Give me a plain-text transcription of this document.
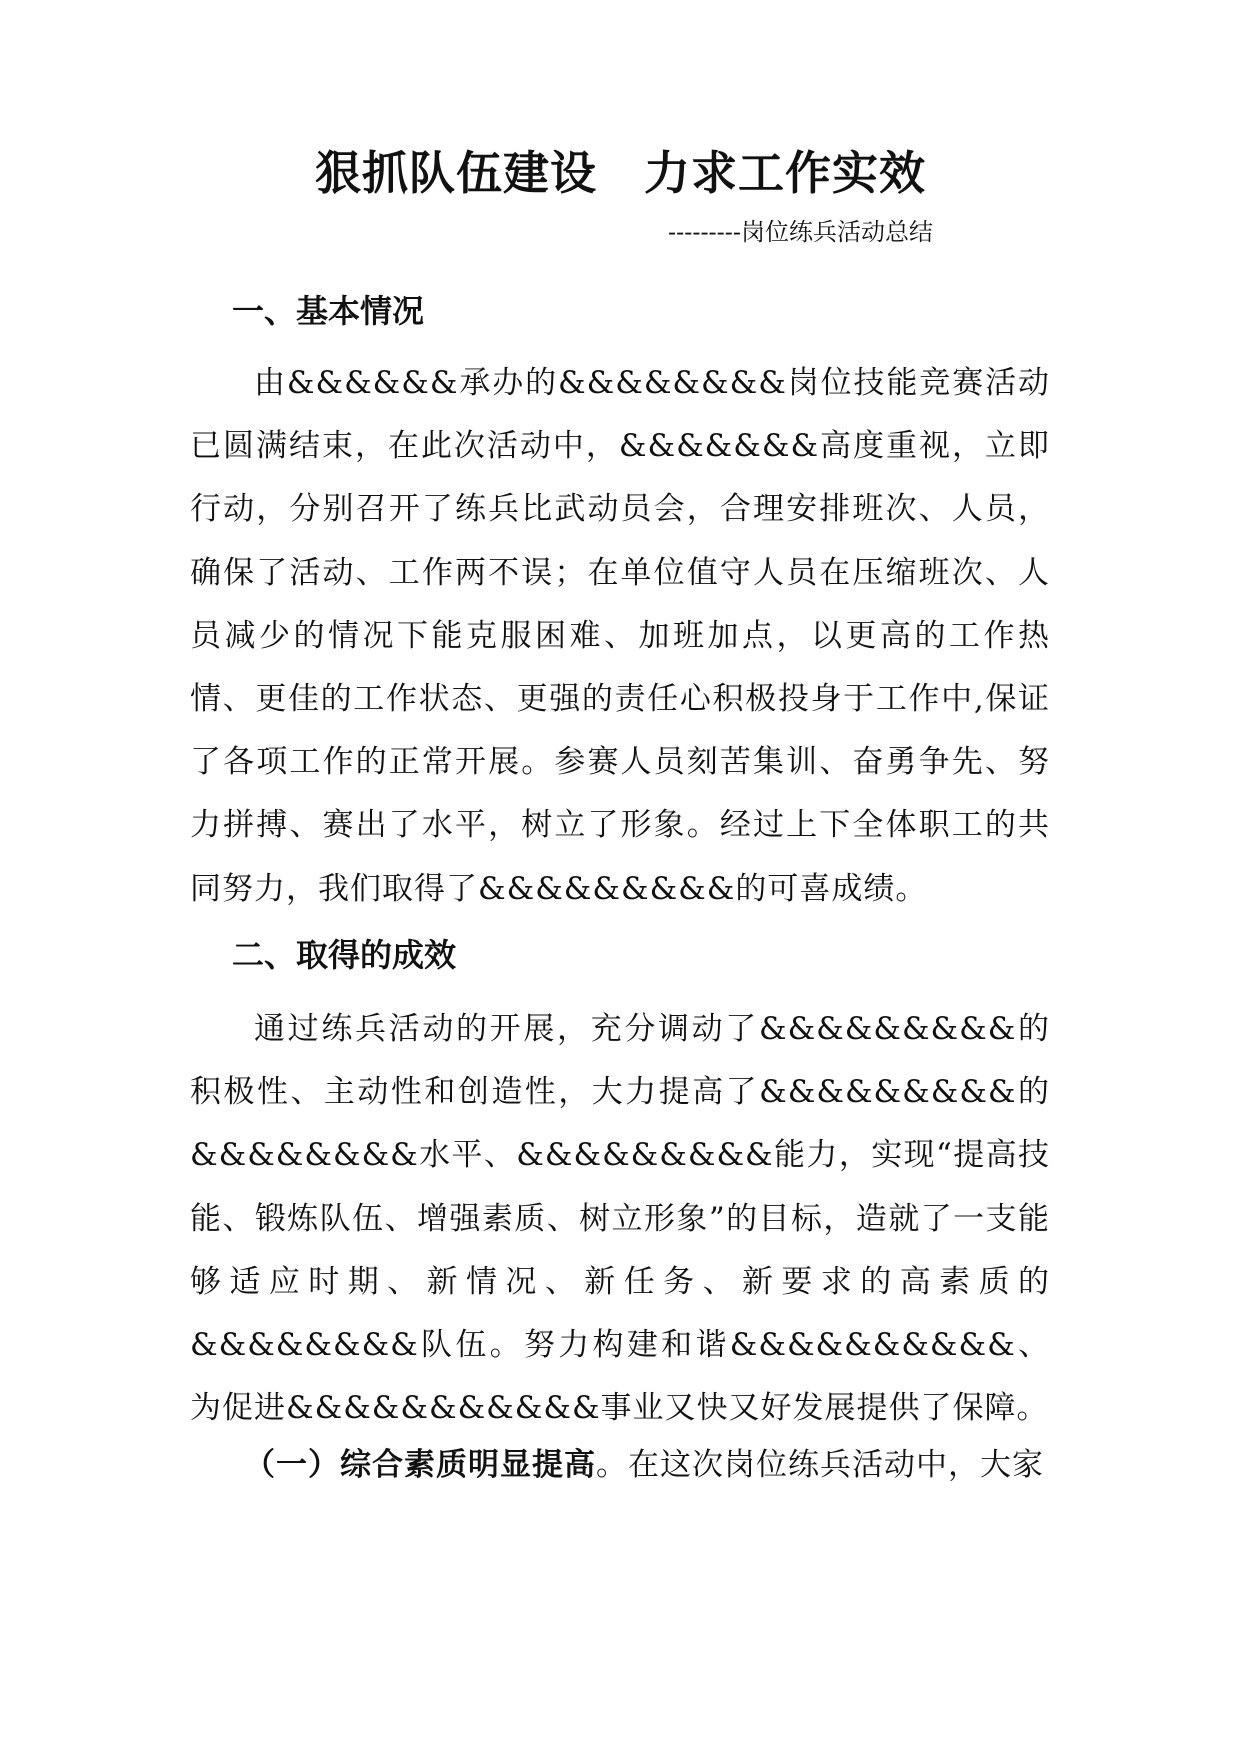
狠抓队伍建设　力求工作实效
---------岗位练兵活动总结
一、基本情况

由&&&&&&承办的&&&&&&&&岗位技能竞赛活动已圆满结束，在此次活动中，&&&&&&&高度重视，立即行动，分别召开了练兵比武动员会，合理安排班次、人员，确保了活动、工作两不误；在单位值守人员在压缩班次、人员减少的情况下能克服困难、加班加点，以更高的工作热情、更佳的工作状态、更强的责任心积极投身于工作中,保证了各项工作的正常开展。参赛人员刻苦集训、奋勇争先、努力拼搏、赛出了水平，树立了形象。经过上下全体职工的共同努力，我们取得了&&&&&&&&&的可喜成绩。

二、取得的成效

通过练兵活动的开展，充分调动了&&&&&&&&&的积极性、主动性和创造性，大力提高了&&&&&&&&&的&&&&&&&&水平、&&&&&&&&&能力，实现“提高技能、锻炼队伍、增强素质、树立形象”的目标，造就了一支能够适应时期、新情况、新任务、新要求的高素质的&&&&&&&&队伍。努力构建和谐&&&&&&&&&&、为促进&&&&&&&&&&&事业又快又好发展提供了保障。

（一）综合素质明显提高。在这次岗位练兵活动中，大家
